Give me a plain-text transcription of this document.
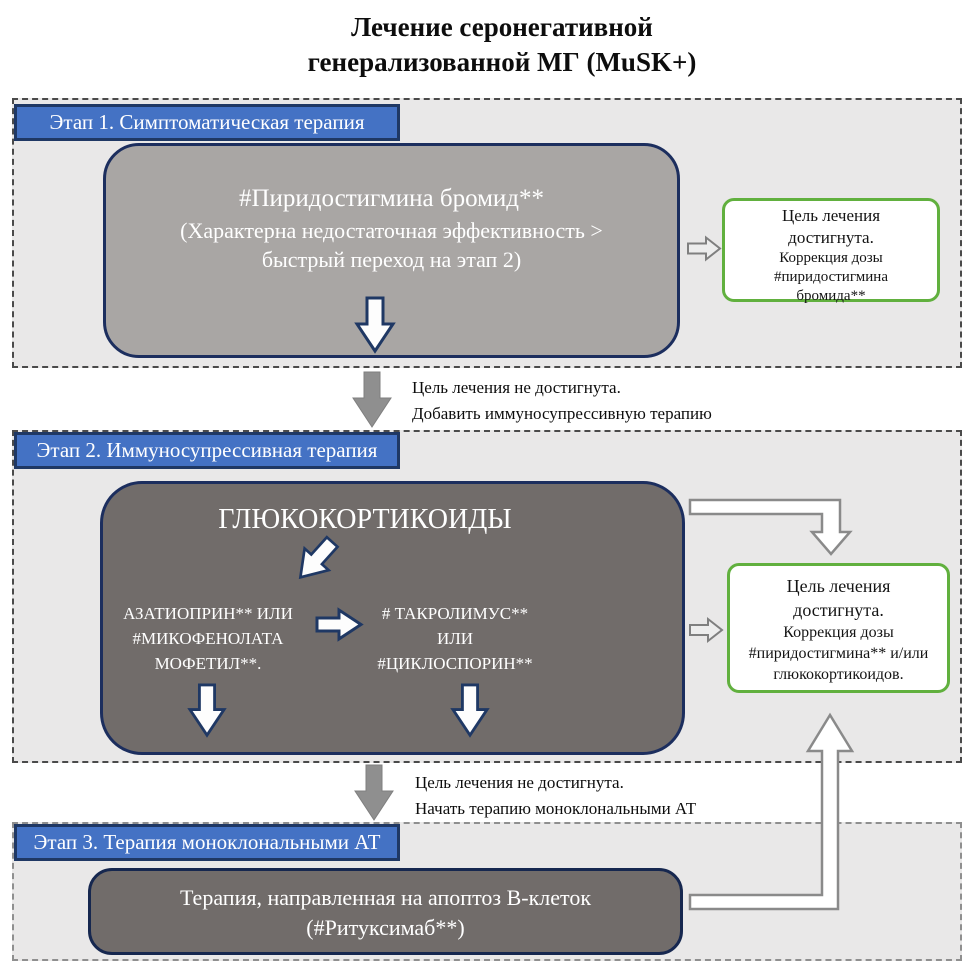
Лечение серонегативной
генерализованной МГ (MuSK+)
Этап 1. Симптоматическая терапия
Этап 2. Иммуносупрессивная терапия
Этап 3. Терапия моноклональными АТ
#Пиридостигмина бромид**
(Характерна недостаточная эффективность >
быстрый переход на этап 2)
Цель лечения
достигнута.
Коррекция дозы
#пиридостигмина
бромида**
Цель лечения не достигнута.
Добавить иммуносупрессивную терапию
ГЛЮКОКОРТИКОИДЫ
АЗАТИОПРИН** ИЛИ
#МИКОФЕНОЛАТА
МОФЕТИЛ**.
# ТАКРОЛИМУС**
ИЛИ
#ЦИКЛОСПОРИН**
Цель лечения
достигнута.
Коррекция дозы
#пиридостигмина** и/или
глюкокортикоидов.
Цель лечения не достигнута.
Начать терапию моноклональными АТ
Терапия, направленная на апоптоз В-клеток
(#Ритуксимаб**)
